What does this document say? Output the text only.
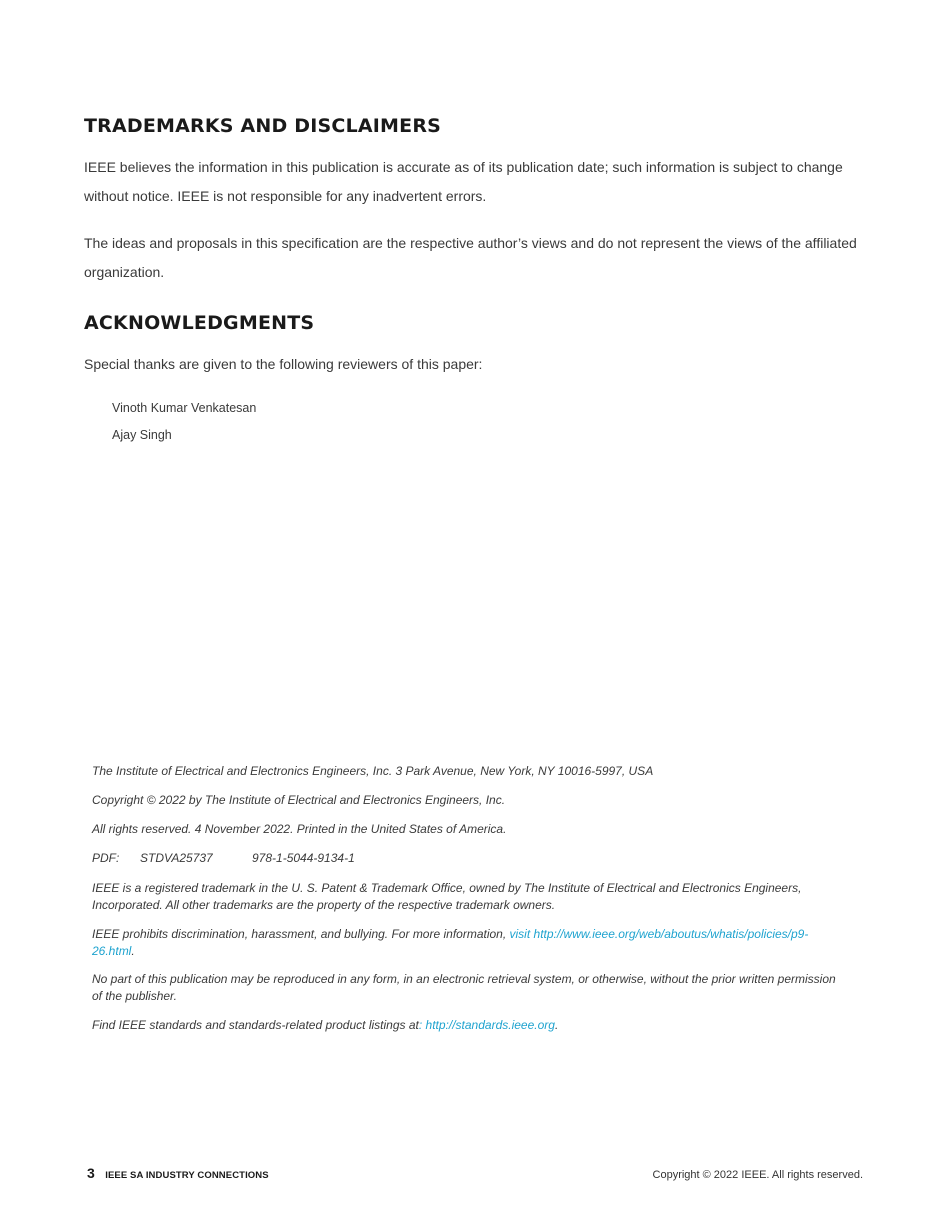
TRADEMARKS AND DISCLAIMERS

IEEE believes the information in this publication is accurate as of its publication date; such information is subject to change without notice. IEEE is not responsible for any inadvertent errors.

The ideas and proposals in this specification are the respective author’s views and do not represent the views of the affiliated organization.

ACKNOWLEDGMENTS

Special thanks are given to the following reviewers of this paper:

Vinoth Kumar Venkatesan

Ajay Singh

The Institute of Electrical and Electronics Engineers, Inc. 3 Park Avenue, New York, NY 10016-5997, USA

Copyright © 2022 by The Institute of Electrical and Electronics Engineers, Inc.

All rights reserved. 4 November 2022. Printed in the United States of America.

PDF: STDVA25737	978-1-5044-9134-1

IEEE is a registered trademark in the U. S. Patent & Trademark Office, owned by The Institute of Electrical and Electronics Engineers, Incorporated. All other trademarks are the property of the respective trademark owners.

IEEE prohibits discrimination, harassment, and bullying. For more information, visit http://www.ieee.org/web/aboutus/whatis/policies/p9-26.html.

No part of this publication may be reproduced in any form, in an electronic retrieval system, or otherwise, without the prior written permission of the publisher.

Find IEEE standards and standards-related product listings at: http://standards.ieee.org.

3 IEEE SA INDUSTRY CONNECTIONS	Copyright © 2022 IEEE. All rights reserved.
